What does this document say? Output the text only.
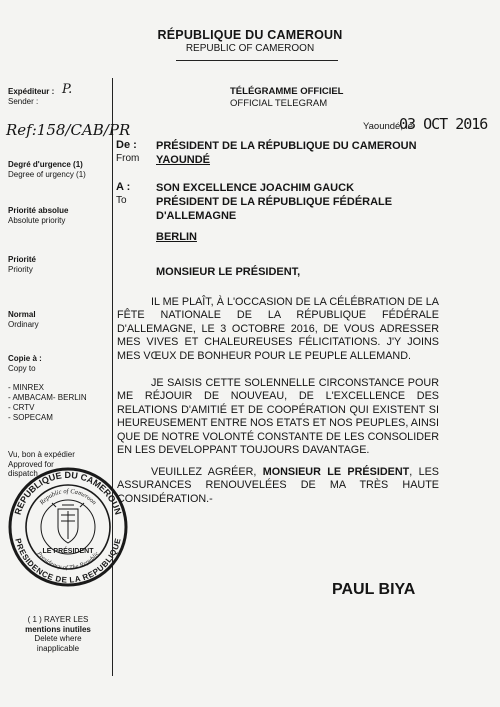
RÉPUBLIQUE DU CAMEROUN
REPUBLIC OF CAMEROON
Expéditeur :
Sender :
P.
Ref:158/CAB/PR
Degré d'urgence (1)
Degree of urgency (1)
Priorité absolue
Absolute priority
Priorité
Priority
Normal
Ordinary
Copie à :
Copy to
- MINREX
- AMBACAM- BERLIN
- CRTV
- SOPECAM
Vu, bon à expédier
Approved for
dispatch
REPUBLIQUE DU CAMEROUN
PRESIDENCE DE LA REPUBLIQUE
Republic of Cameroon
Presidency of The Republic
LE PRÉSIDENT
( 1 ) RAYER LES
mentions inutiles
Delete where
inapplicable
TÉLÉGRAMME OFFICIEL
OFFICIAL TELEGRAM
Yaoundé, le
03 OCT 2016
De :
From
PRÉSIDENT DE LA RÉPUBLIQUE DU CAMEROUN
YAOUNDÉ
A :
To
SON EXCELLENCE JOACHIM GAUCK
PRÉSIDENT DE LA RÉPUBLIQUE FÉDÉRALE
D'ALLEMAGNE
BERLIN
MONSIEUR LE PRÉSIDENT,
IL ME PLAÎT, À L'OCCASION DE LA CÉLÉBRATION DE LA FÊTE NATIONALE DE LA RÉPUBLIQUE FÉDÉRALE D'ALLEMAGNE, LE 3 OCTOBRE 2016, DE VOUS ADRESSER MES VIVES ET CHALEUREUSES FÉLICITATIONS. J'Y JOINS MES VŒUX DE BONHEUR POUR LE PEUPLE ALLEMAND.
JE SAISIS CETTE SOLENNELLE CIRCONSTANCE POUR ME RÉJOUIR DE NOUVEAU, DE L'EXCELLENCE DES RELATIONS D'AMITIÉ ET DE COOPÉRATION QUI EXISTENT SI HEUREUSEMENT ENTRE NOS ETATS ET NOS PEUPLES, AINSI QUE DE NOTRE VOLONTÉ CONSTANTE DE LES CONSOLIDER EN LES DEVELOPPANT TOUJOURS DAVANTAGE.
VEUILLEZ AGRÉER, MONSIEUR LE PRÉSIDENT, LES ASSURANCES RENOUVELÉES DE MA TRÈS HAUTE CONSIDÉRATION.-
PAUL BIYA
